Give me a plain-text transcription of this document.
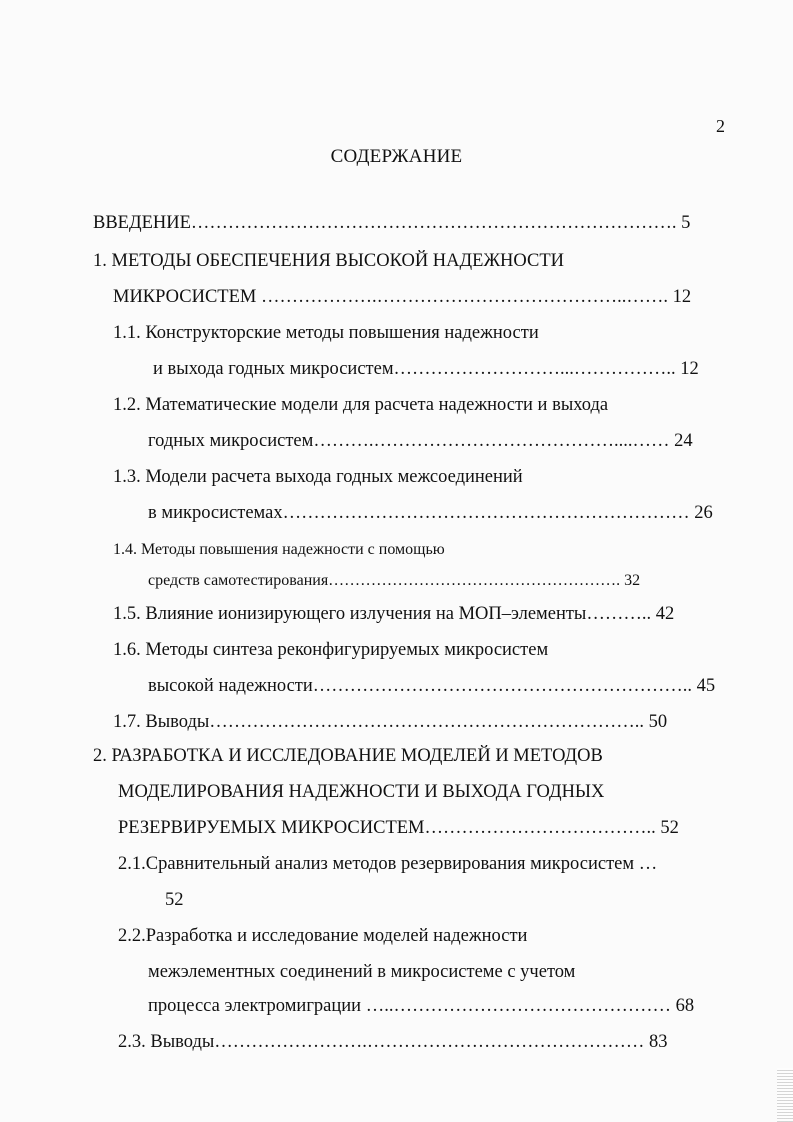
2
СОДЕРЖАНИЕ
ВВЕДЕНИЕ……………………………………………………………………. 5
1. МЕТОДЫ ОБЕСПЕЧЕНИЯ ВЫСОКОЙ НАДЕЖНОСТИ
МИКРОСИСТЕМ ……………….…………………………………..……. 12
1.1. Конструкторские методы повышения надежности
и выхода годных микросистем………………………...…………….. 12
1.2. Математические модели для расчета надежности и выхода
годных микросистем……….…………………………………....…… 24
1.3. Модели расчета выхода годных межсоединений
в микросистемах………………………………………………………… 26
1.4. Методы повышения надежности с помощью
средств самотестирования………………………………………………. 32
1.5. Влияние ионизирующего излучения на МОП–элементы……….. 42
1.6. Методы синтеза реконфигурируемых микросистем
высокой надежности…………………………………………………….. 45
1.7. Выводы…………………………………………………………….. 50
2. РАЗРАБОТКА И ИССЛЕДОВАНИЕ МОДЕЛЕЙ И МЕТОДОВ
МОДЕЛИРОВАНИЯ НАДЕЖНОСТИ И ВЫХОДА ГОДНЫХ
РЕЗЕРВИРУЕМЫХ МИКРОСИСТЕМ……………………………….. 52
2.1.Сравнительный анализ методов резервирования микросистем …
52
2.2.Разработка и исследование моделей надежности
межэлементных соединений в микросистеме с учетом
процесса электромиграции …..……………………………………… 68
2.3. Выводы…………………….……………………………………… 83
